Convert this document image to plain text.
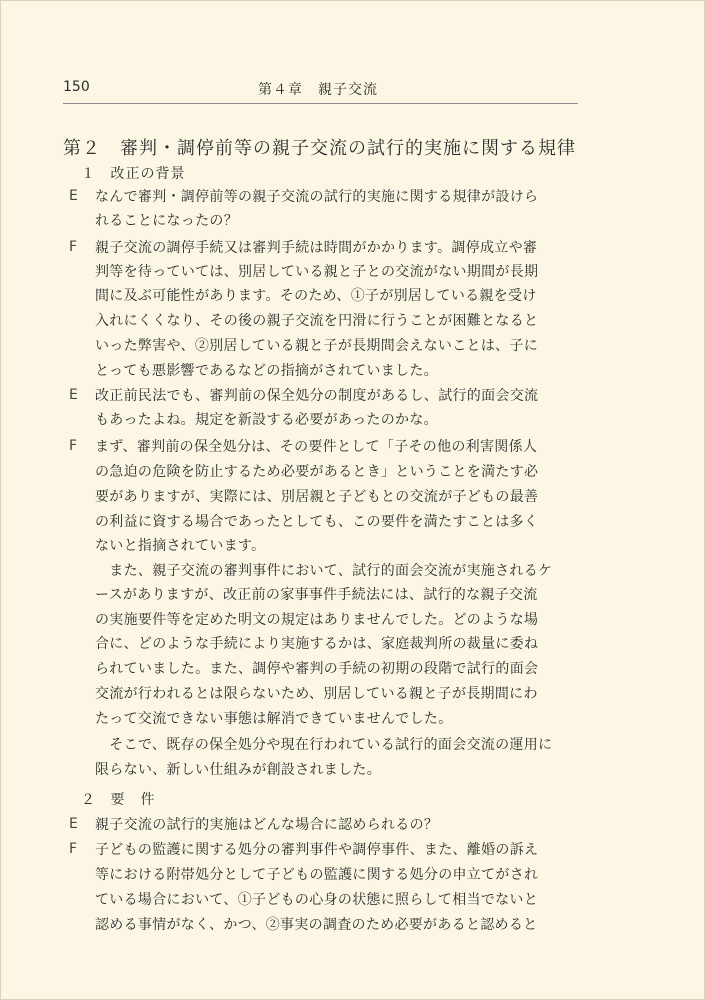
150	第４章　親子交流
第２　審判・調停前等の親子交流の試行的実施に関する規律
１ 改正の背景
E	なんで審判・調停前等の親子交流の試行的実施に関する規律が設けら
れることになったの？
F	親子交流の調停手続又は審判手続は時間がかかります。調停成立や審
判等を待っていては、別居している親と子との交流がない期間が長期
間に及ぶ可能性があります。そのため、①子が別居している親を受け
入れにくくなり、その後の親子交流を円滑に行うことが困難となると
いった弊害や、②別居している親と子が長期間会えないことは、子に
とっても悪影響であるなどの指摘がされていました。
E	改正前民法でも、審判前の保全処分の制度があるし、試行的面会交流
もあったよね。規定を新設する必要があったのかな。
F	まず、審判前の保全処分は、その要件として「子その他の利害関係人
の急迫の危険を防止するため必要があるとき」ということを満たす必
要がありますが、実際には、別居親と子どもとの交流が子どもの最善
の利益に資する場合であったとしても、この要件を満たすことは多く
ないと指摘されています。
　また、親子交流の審判事件において、試行的面会交流が実施されるケ
ースがありますが、改正前の家事事件手続法には、試行的な親子交流
の実施要件等を定めた明文の規定はありませんでした。どのような場
合に、どのような手続により実施するかは、家庭裁判所の裁量に委ね
られていました。また、調停や審判の手続の初期の段階で試行的面会
交流が行われるとは限らないため、別居している親と子が長期間にわ
たって交流できない事態は解消できていませんでした。
　そこで、既存の保全処分や現在行われている試行的面会交流の運用に
限らない、新しい仕組みが創設されました。
２ 要　件
E	親子交流の試行的実施はどんな場合に認められるの？
F	子どもの監護に関する処分の審判事件や調停事件、また、離婚の訴え
等における附帯処分として子どもの監護に関する処分の申立てがされ
ている場合において、①子どもの心身の状態に照らして相当でないと
認める事情がなく、かつ、②事実の調査のため必要があると認めると
